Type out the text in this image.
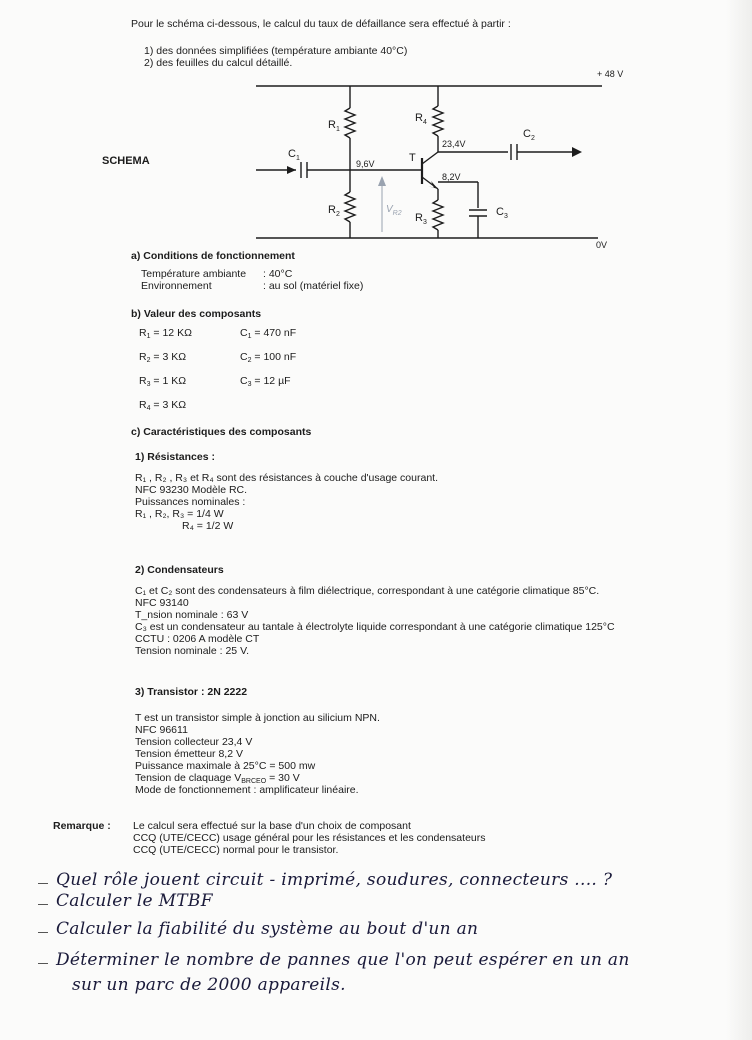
Pour le schéma ci-dessous, le calcul du taux de défaillance sera effectué à partir :
1) des données simplifiées (température ambiante 40°C)
2) des feuilles du calcul détaillé.
SCHEMA
+ 48 V
0V
$R_1$
$R_2$
$R_4$
$R_3$
$C_1$
$C_2$
$C_3$
T
9,6V
23,4V
8,2V
$V_{R2}$
a) Conditions de fonctionnement
Température ambiante : 40°C
Environnement	: au sol (matériel fixe)
b) Valeur des composants
R1 = 12 KΩ
R2 = 3 KΩ
R3 = 1 KΩ
R4 = 3 KΩ
C1 = 470 nF
C2 = 100 nF
C3 = 12 µF
c) Caractéristiques des composants
1) Résistances :
R₁ , R₂ , R₃ et R₄ sont des résistances à couche d'usage courant.
NFC 93230 Modèle RC.
Puissances nominales :
R₁ , R₂, R₃ = 1/4 W
R₄ = 1/2 W
2) Condensateurs
C₁ et C₂ sont des condensateurs à film diélectrique, correspondant à une catégorie climatique 85°C.
NFC 93140
T_nsion nominale : 63 V
C₃ est un condensateur au tantale à électrolyte liquide correspondant à une catégorie climatique 125°C
CCTU : 0206 A modèle CT
Tension nominale : 25 V.
3) Transistor : 2N 2222
T est un transistor simple à jonction au silicium NPN.
NFC 96611
Tension collecteur 23,4 V
Tension émetteur 8,2 V
Puissance maximale à 25°C = 500 mw
Tension de claquage VBRCEO = 30 V
Mode de fonctionnement : amplificateur linéaire.
Remarque : Le calcul sera effectué sur la base d'un choix de composant
CCQ (UTE/CECC) usage général pour les résistances et les condensateurs
CCQ (UTE/CECC) normal pour le transistor.
Quel rôle jouent circuit - imprimé, soudures, connecteurs .... ?
Calculer le MTBF
Calculer la fiabilité du système au bout d'un an
Déterminer le nombre de pannes que l'on peut espérer en un an
sur un parc de 2000 appareils.
